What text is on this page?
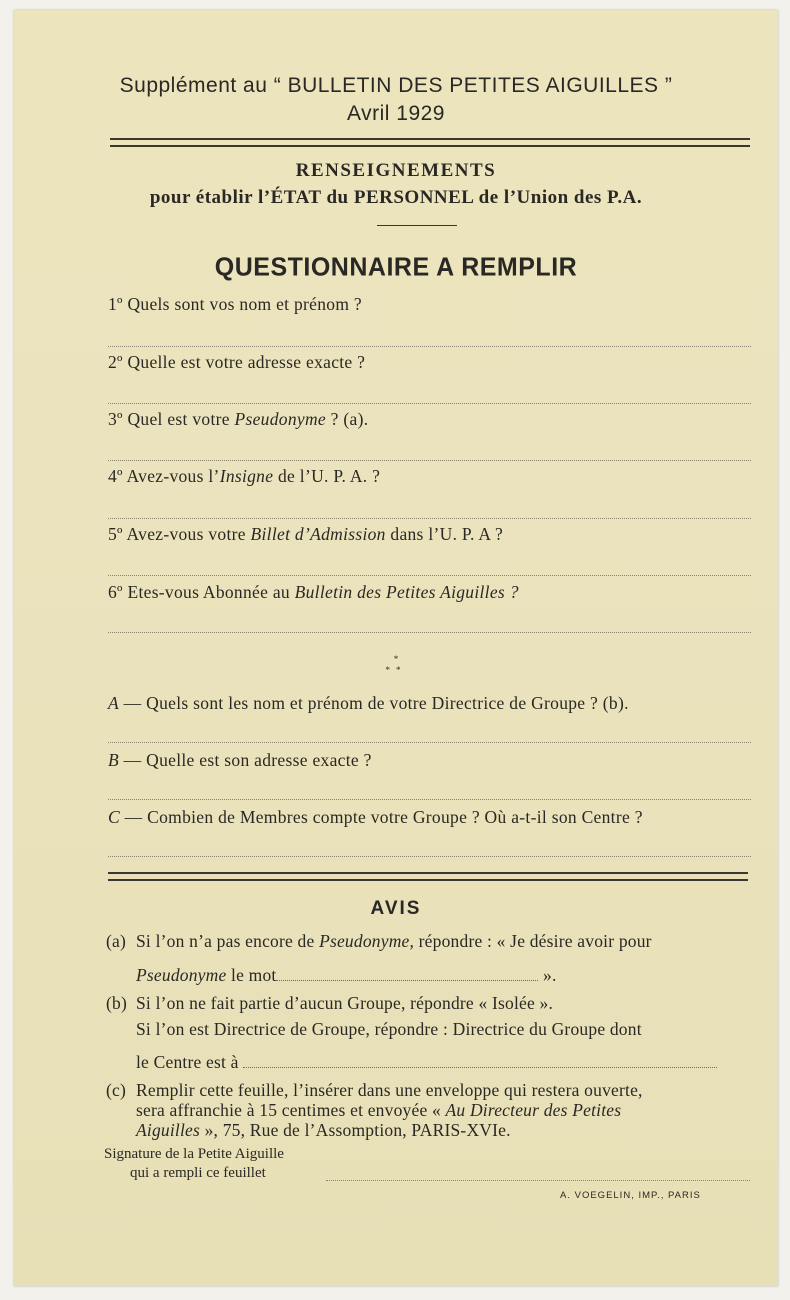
Supplément au “ BULLETIN DES PETITES AIGUILLES ”
Avril 1929
RENSEIGNEMENTS
pour établir l’ÉTAT du PERSONNEL de l’Union des P.A.
QUESTIONNAIRE A REMPLIR
1º Quels sont vos nom et prénom ?
2º Quelle est votre adresse exacte ?
3º Quel est votre Pseudonyme ? (a).
4º Avez-vous l’Insigne de l’U. P. A. ?
5º Avez-vous votre Billet d’Admission dans l’U. P. A ?
6º Etes-vous Abonnée au Bulletin des Petites Aiguilles ?
*
**
A — Quels sont les nom et prénom de votre Directrice de Groupe ? (b).
B — Quelle est son adresse exacte ?
C — Combien de Membres compte votre Groupe ? Où a-t-il son Centre ?
AVIS
(a) Si l’on n’a pas encore de Pseudonyme, répondre : « Je désire avoir pour
Pseudonyme le mot	».
(b) Si l’on ne fait partie d’aucun Groupe, répondre « Isolée ».
Si l’on est Directrice de Groupe, répondre : Directrice du Groupe dont
le Centre est à
(c) Remplir cette feuille, l’insérer dans une enveloppe qui restera ouverte,
sera affranchie à 15 centimes et envoyée « Au Directeur des Petites
Aiguilles », 75, Rue de l’Assomption, PARIS-XVIe.
Signature de la Petite Aiguille
qui a rempli ce feuillet
A. VOEGELIN, IMP., PARIS
